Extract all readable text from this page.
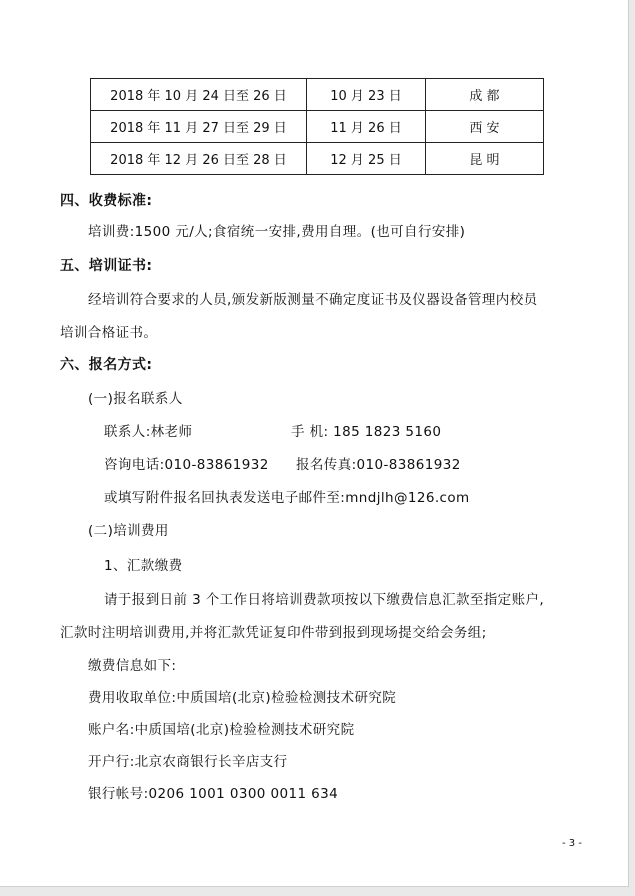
2018 年 10 月 24 日至 26 日	10 月 23 日	成 都
2018 年 11 月 27 日至 29 日	11 月 26 日	西 安
2018 年 12 月 26 日至 28 日	12 月 25 日	昆 明
四、收费标准:
培训费:1500 元/人;食宿统一安排,费用自理。(也可自行安排)
五、培训证书:
经培训符合要求的人员,颁发新版测量不确定度证书及仪器设备管理内校员
培训合格证书。
六、报名方式:
(一)报名联系人
联系人:林老师	手 机: 185 1823 5160
咨询电话:010-83861932 报名传真:010-83861932
或填写附件报名回执表发送电子邮件至:mndjlh@126.com
(二)培训费用
1、汇款缴费
请于报到日前 3 个工作日将培训费款项按以下缴费信息汇款至指定账户,
汇款时注明培训费用,并将汇款凭证复印件带到报到现场提交给会务组;
缴费信息如下:
费用收取单位:中质国培(北京)检验检测技术研究院
账户名:中质国培(北京)检验检测技术研究院
开户行:北京农商银行长辛店支行
银行帐号:0206 1001 0300 0011 634
- 3 -
